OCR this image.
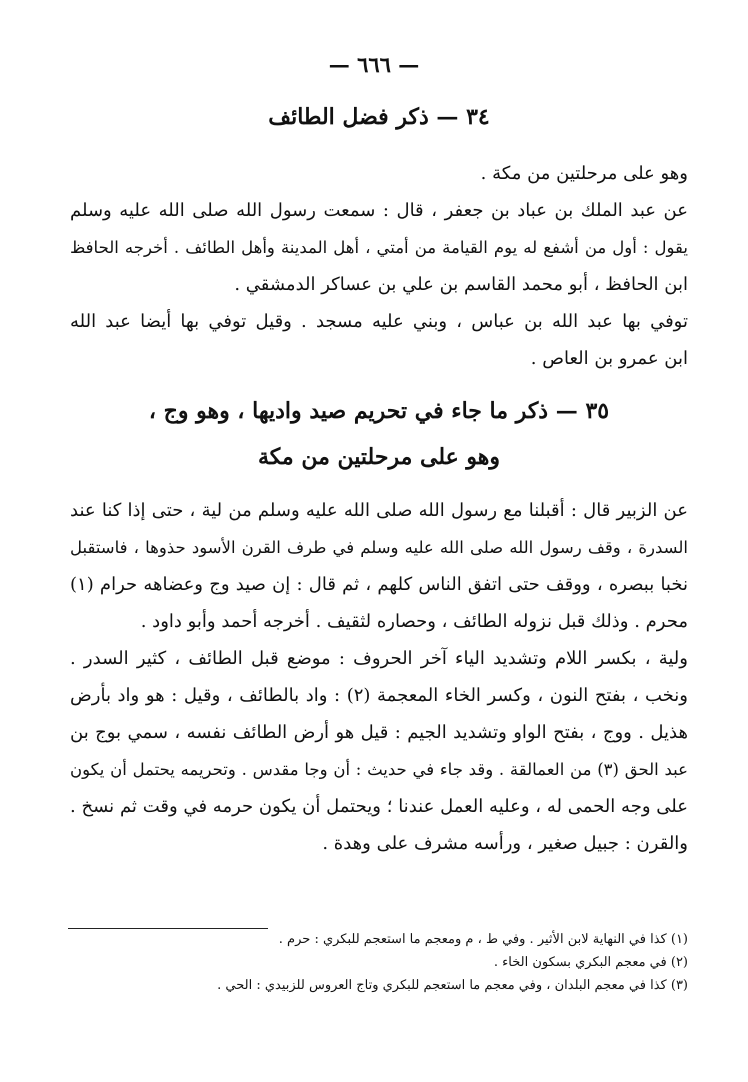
— ٦٦٦ —
٣٤ — ذكر فضل الطائف
وهو على مرحلتين من مكة .
عن عبد الملك بن عباد بن جعفر ، قال : سمعت رسول الله صلى الله عليه وسلم
يقول : أول من أشفع له يوم القيامة من أمتي ، أهل المدينة وأهل الطائف . أخرجه الحافظ
ابن الحافظ ، أبو محمد القاسم بن علي بن عساكر الدمشقي .
توفي بها عبد الله بن عباس ، وبني عليه مسجد . وقيل توفي بها أيضا عبد الله
ابن عمرو بن العاص .
٣٥ — ذكر ما جاء في تحريم صيد واديها ، وهو وج ،
وهو على مرحلتين من مكة
عن الزبير قال : أقبلنا مع رسول الله صلى الله عليه وسلم من لية ، حتى إذا كنا عند
السدرة ، وقف رسول الله صلى الله عليه وسلم في طرف القرن الأسود حذوها ، فاستقبل
نخبا ببصره ، ووقف حتى اتفق الناس كلهم ، ثم قال : إن صيد وج وعضاهه حرام (١)
محرم . وذلك قبل نزوله الطائف ، وحصاره لثقيف . أخرجه أحمد وأبو داود .
ولية ، بكسر اللام وتشديد الياء آخر الحروف : موضع قبل الطائف ، كثير السدر .
ونخب ، بفتح النون ، وكسر الخاء المعجمة (٢) : واد بالطائف ، وقيل : هو واد بأرض
هذيل . ووج ، بفتح الواو وتشديد الجيم : قيل هو أرض الطائف نفسه ، سمي بوج بن
عبد الحق (٣) من العمالقة . وقد جاء في حديث : أن وجا مقدس . وتحريمه يحتمل أن يكون
على وجه الحمى له ، وعليه العمل عندنا ؛ ويحتمل أن يكون حرمه في وقت ثم نسخ .
والقرن : جبيل صغير ، ورأسه مشرف على وهدة .
(١) كذا في النهاية لابن الأثير . وفي ط ، م ومعجم ما استعجم للبكري : حرم .
(٢) في معجم البكري بسكون الخاء .
(٣) كذا في معجم البلدان ، وفي معجم ما استعجم للبكري وتاج العروس للزبيدي : الحي .
